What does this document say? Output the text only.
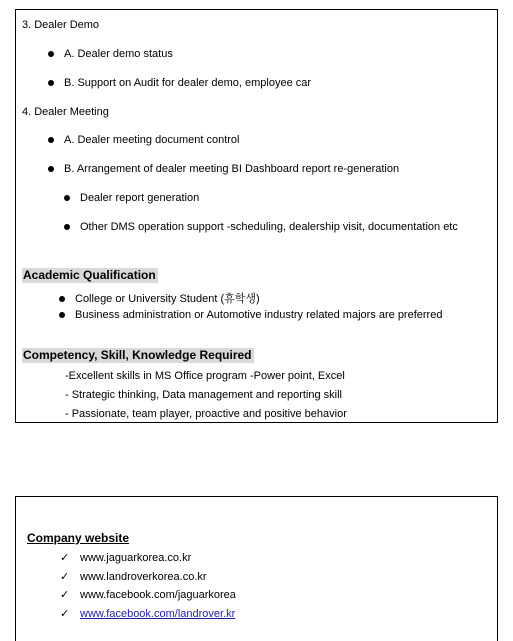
3. Dealer Demo
A. Dealer demo status
B. Support on Audit for dealer demo, employee car
4. Dealer Meeting
A. Dealer meeting document control
B. Arrangement of dealer meeting BI Dashboard report re-generation
Dealer report generation
Other DMS operation support -scheduling, dealership visit, documentation etc
Academic Qualification
College or University Student (휴학생)
Business administration or Automotive industry related majors are preferred
Competency, Skill, Knowledge Required
-Excellent skills in MS Office program -Power point, Excel
- Strategic thinking, Data management and reporting skill
- Passionate, team player, proactive and positive behavior
Company website
✓ www.jaguarkorea.co.kr
✓ www.landroverkorea.co.kr
✓ www.facebook.com/jaguarkorea
✓ www.facebook.com/landrover.kr
